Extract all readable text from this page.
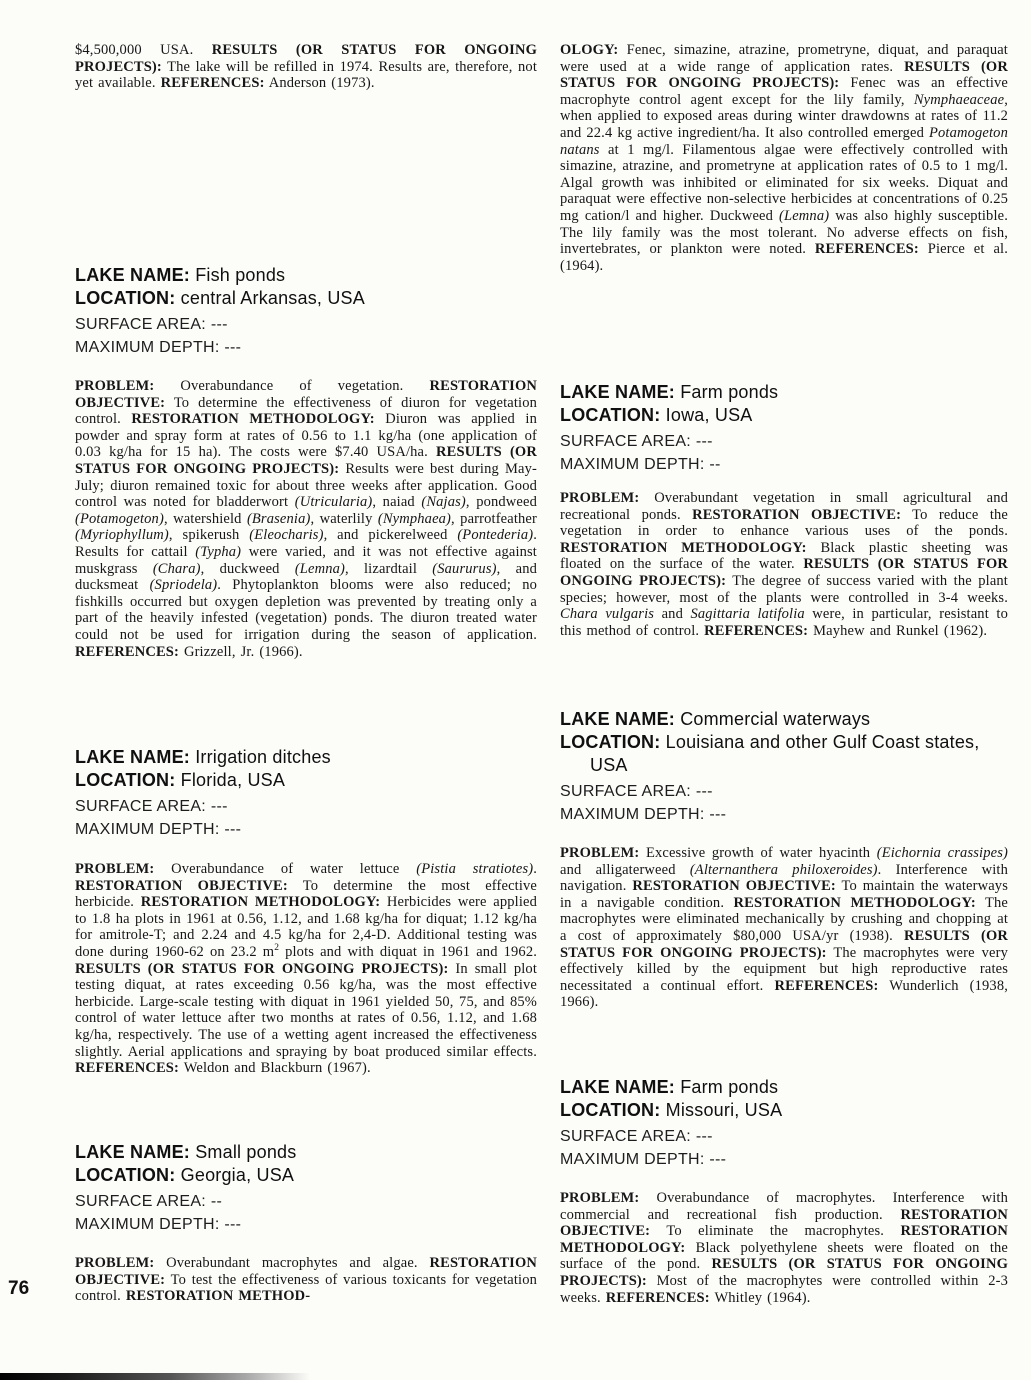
$4,500,000 USA. RESULTS (OR STATUS FOR ONGOING PROJECTS): The lake will be refilled in 1974. Results are, therefore, not yet available. REFERENCES: Anderson (1973).

LAKE NAME: Fish ponds
LOCATION: central Arkansas, USA
SURFACE AREA: ---
MAXIMUM DEPTH: ---

PROBLEM: Overabundance of vegetation. RESTORATION OBJECTIVE: To determine the effectiveness of diuron for vegetation control. RESTORATION METHODOLOGY: Diuron was applied in powder and spray form at rates of 0.56 to 1.1 kg/ha (one application of 0.03 kg/ha for 15 ha). The costs were $7.40 USA/ha. RESULTS (OR STATUS FOR ONGOING PROJECTS): Results were best during May-July; diuron remained toxic for about three weeks after application. Good control was noted for bladderwort (Utricularia), naiad (Najas), pondweed (Potamogeton), watershield (Brasenia), waterlily (Nymphaea), parrotfeather (Myriophyllum), spikerush (Eleocharis), and pickerelweed (Pontederia). Results for cattail (Typha) were varied, and it was not effective against muskgrass (Chara), duckweed (Lemna), lizardtail (Saururus), and ducksmeat (Spriodela). Phytoplankton blooms were also reduced; no fishkills occurred but oxygen depletion was prevented by treating only a part of the heavily infested (vegetation) ponds. The diuron treated water could not be used for irrigation during the season of application. REFERENCES: Grizzell, Jr. (1966).

LAKE NAME: Irrigation ditches
LOCATION: Florida, USA
SURFACE AREA: ---
MAXIMUM DEPTH: ---

PROBLEM: Overabundance of water lettuce (Pistia stratiotes). RESTORATION OBJECTIVE: To determine the most effective herbicide. RESTORATION METHODOLOGY: Herbicides were applied to 1.8 ha plots in 1961 at 0.56, 1.12, and 1.68 kg/ha for diquat; 1.12 kg/ha for amitrole-T; and 2.24 and 4.5 kg/ha for 2,4-D. Additional testing was done during 1960-62 on 23.2 $m^2$ plots and with diquat in 1961 and 1962. RESULTS (OR STATUS FOR ONGOING PROJECTS): In small plot testing diquat, at rates exceeding 0.56 kg/ha, was the most effective herbicide. Large-scale testing with diquat in 1961 yielded 50, 75, and 85% control of water lettuce after two months at rates of 0.56, 1.12, and 1.68 kg/ha, respectively. The use of a wetting agent increased the effectiveness slightly. Aerial applications and spraying by boat produced similar effects. REFERENCES: Weldon and Blackburn (1967).

LAKE NAME: Small ponds
LOCATION: Georgia, USA
SURFACE AREA: --
MAXIMUM DEPTH: ---

PROBLEM: Overabundant macrophytes and algae. RESTORATION OBJECTIVE: To test the effectiveness of various toxicants for vegetation control. RESTORATION METHOD-

OLOGY: Fenec, simazine, atrazine, prometryne, diquat, and paraquat were used at a wide range of application rates. RESULTS (OR STATUS FOR ONGOING PROJECTS): Fenec was an effective macrophyte control agent except for the lily family, Nymphaeaceae, when applied to exposed areas during winter drawdowns at rates of 11.2 and 22.4 kg active ingredient/ha. It also controlled emerged Potamogeton natans at 1 mg/l. Filamentous algae were effectively controlled with simazine, atrazine, and prometryne at application rates of 0.5 to 1 mg/l. Algal growth was inhibited or eliminated for six weeks. Diquat and paraquat were effective non-selective herbicides at concentrations of 0.25 mg cation/l and higher. Duckweed (Lemna) was also highly susceptible. The lily family was the most tolerant. No adverse effects on fish, invertebrates, or plankton were noted. REFERENCES: Pierce et al. (1964).

LAKE NAME: Farm ponds
LOCATION: Iowa, USA
SURFACE AREA: ---
MAXIMUM DEPTH: --

PROBLEM: Overabundant vegetation in small agricultural and recreational ponds. RESTORATION OBJECTIVE: To reduce the vegetation in order to enhance various uses of the ponds. RESTORATION METHODOLOGY: Black plastic sheeting was floated on the surface of the water. RESULTS (OR STATUS FOR ONGOING PROJECTS): The degree of success varied with the plant species; however, most of the plants were controlled in 3-4 weeks. Chara vulgaris and Sagittaria latifolia were, in particular, resistant to this method of control. REFERENCES: Mayhew and Runkel (1962).

LAKE NAME: Commercial waterways
LOCATION: Louisiana and other Gulf Coast states, USA
SURFACE AREA: ---
MAXIMUM DEPTH: ---

PROBLEM: Excessive growth of water hyacinth (Eichornia crassipes) and alligaterweed (Alternanthera philoxeroides). Interference with navigation. RESTORATION OBJECTIVE: To maintain the waterways in a navigable condition. RESTORATION METHODOLOGY: The macrophytes were eliminated mechanically by crushing and chopping at a cost of approximately $80,000 USA/yr (1938). RESULTS (OR STATUS FOR ONGOING PROJECTS): The macrophytes were very effectively killed by the equipment but high reproductive rates necessitated a continual effort. REFERENCES: Wunderlich (1938, 1966).

LAKE NAME: Farm ponds
LOCATION: Missouri, USA
SURFACE AREA: ---
MAXIMUM DEPTH: ---

PROBLEM: Overabundance of macrophytes. Interference with commercial and recreational fish production. RESTORATION OBJECTIVE: To eliminate the macrophytes. RESTORATION METHODOLOGY: Black polyethylene sheets were floated on the surface of the pond. RESULTS (OR STATUS FOR ONGOING PROJECTS): Most of the macrophytes were controlled within 2-3 weeks. REFERENCES: Whitley (1964).

76
